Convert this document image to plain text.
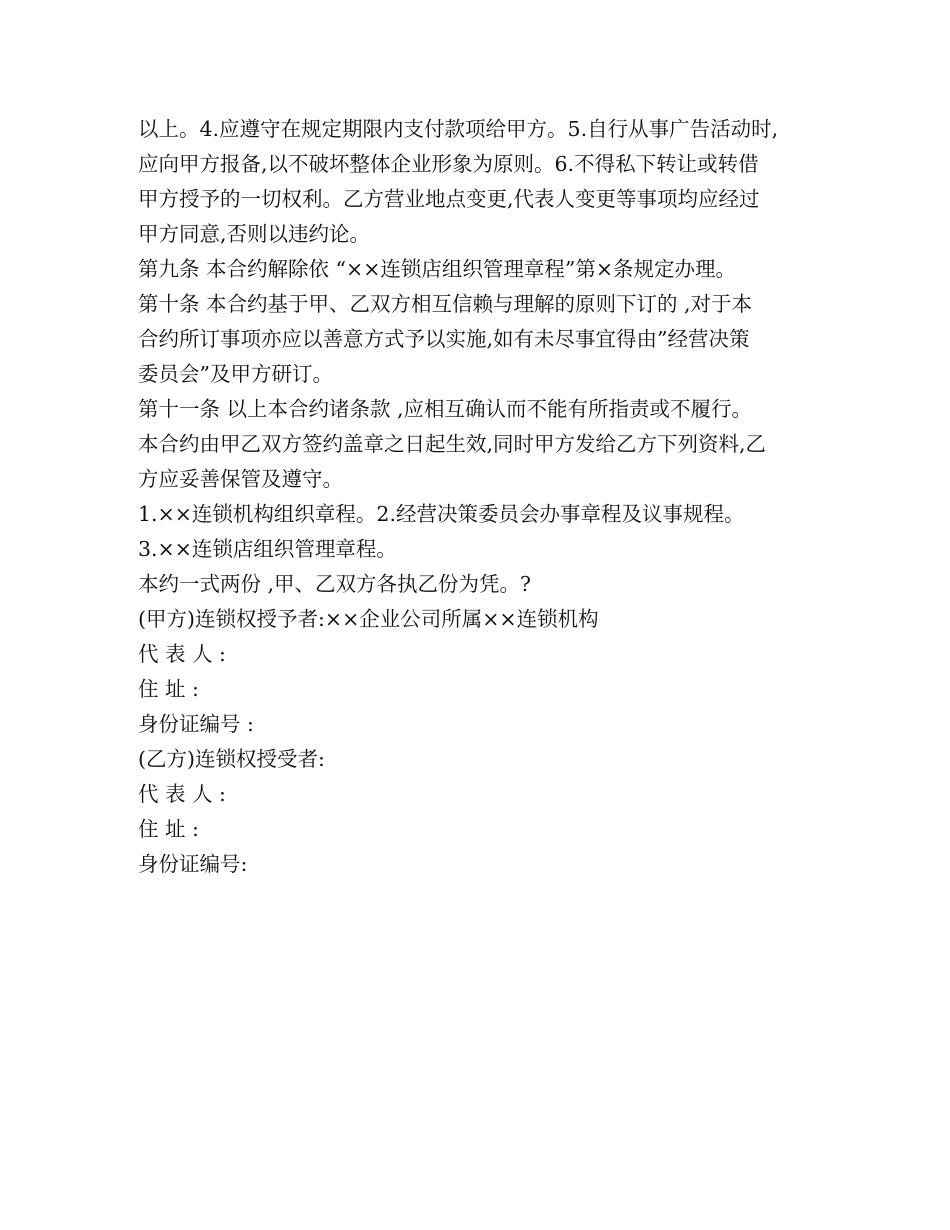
以上。4.应遵守在规定期限内支付款项给甲方。5.自行从事广告活动时,
应向甲方报备,以不破坏整体企业形象为原则。6.不得私下转让或转借
甲方授予的一切权利。乙方营业地点变更,代表人变更等事项均应经过
甲方同意,否则以违约论。
第九条 本合约解除依 “××连锁店组织管理章程”第×条规定办理。
第十条 本合约基于甲、乙双方相互信赖与理解的原则下订的 ,对于本
合约所订事项亦应以善意方式予以实施,如有未尽事宜得由”经营决策
委员会”及甲方研订。
第十一条 以上本合约诸条款 ,应相互确认而不能有所指责或不履行。
本合约由甲乙双方签约盖章之日起生效,同时甲方发给乙方下列资料,乙
方应妥善保管及遵守。
1.××连锁机构组织章程。2.经营决策委员会办事章程及议事规程。
3.××连锁店组织管理章程。
本约一式两份 ,甲、乙双方各执乙份为凭。?
(甲方)连锁权授予者:××企业公司所属××连锁机构
代 表 人 :
住 址 :
身份证编号 :
(乙方)连锁权授受者:
代 表 人 :
住 址 :
身份证编号:
